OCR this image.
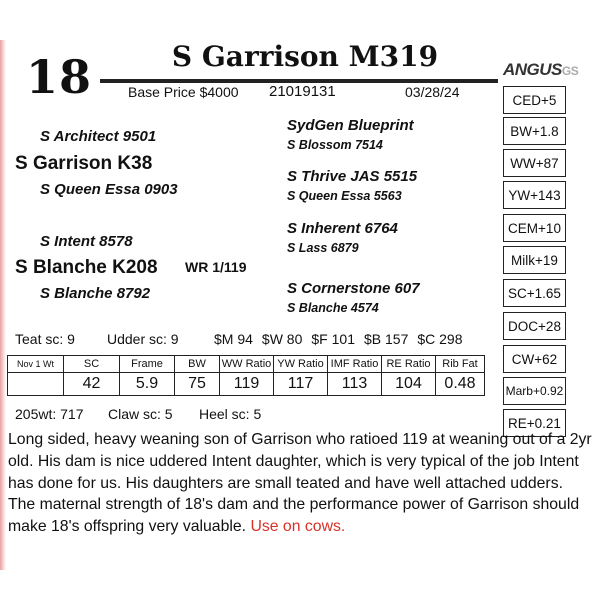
18	S Garrison M319	ANGUSGS
Base Price $4000 21019131	03/28/24
S Architect 9501
S Garrison K38
S Queen Essa 0903
S Intent 8578
S Blanche K208
S Blanche 8792
WR 1/119
SydGen Blueprint
S Blossom 7514
S Thrive JAS 5515
S Queen Essa 5563
S Inherent 6764
S Lass 6879
S Cornerstone 607
S Blanche 4574
CED+5
BW+1.8
WW+87
YW+143
CEM+10
Milk+19
SC+1.65
DOC+28
CW+62
Marb+0.92
RE+0.21
Teat sc: 9 Udder sc: 9	$M 94 $W 80 $F 101 $B 157 $C 298
Nov 1 Wt	SC	Frame	BW	WW Ratio	YW Ratio	IMF Ratio	RE Ratio	Rib Fat
	42	5.9	75	119	117	113	104	0.48
205wt: 717 Claw sc: 5 Heel sc: 5
Long sided, heavy weaning son of Garrison who ratioed 119 at weaning out of a 2yr old. His dam is nice uddered Intent daughter, which is very typical of the job Intent has done for us. His daughters are small teated and have well attached udders. The maternal strength of 18's dam and the performance power of Garrison should make 18's offspring very valuable. Use on cows.
